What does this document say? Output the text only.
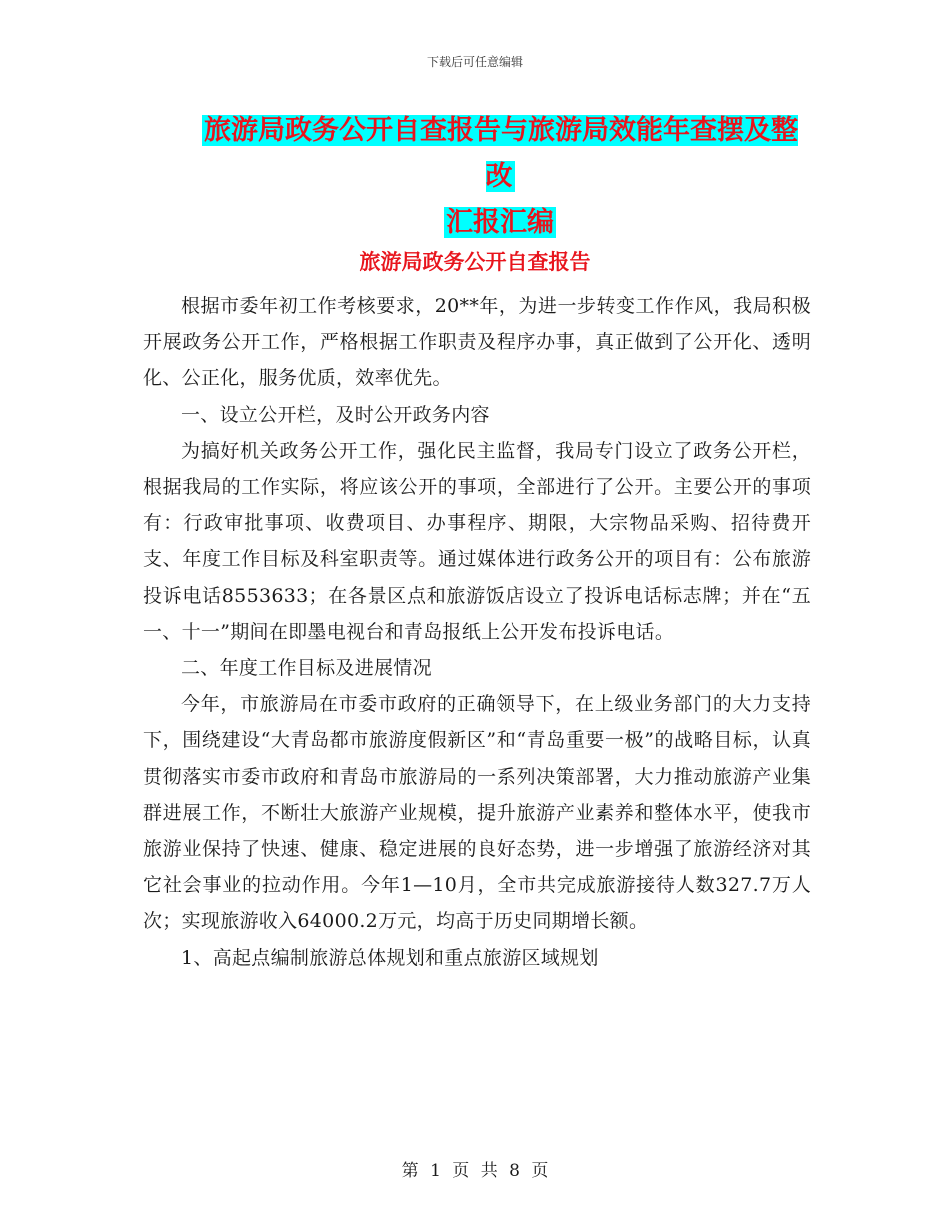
下载后可任意编辑
旅游局政务公开自查报告与旅游局效能年查摆及整改
汇报汇编
旅游局政务公开自查报告

根据市委年初工作考核要求，20**年，为进一步转变工作作风，我局积极开展政务公开工作，严格根据工作职责及程序办事，真正做到了公开化、透明化、公正化，服务优质，效率优先。

一、设立公开栏，及时公开政务内容

为搞好机关政务公开工作，强化民主监督，我局专门设立了政务公开栏，根据我局的工作实际，将应该公开的事项，全部进行了公开。主要公开的事项有：行政审批事项、收费项目、办事程序、期限，大宗物品采购、招待费开支、年度工作目标及科室职责等。通过媒体进行政务公开的项目有：公布旅游投诉电话8553633；在各景区点和旅游饭店设立了投诉电话标志牌；并在“五一、十一”期间在即墨电视台和青岛报纸上公开发布投诉电话。

二、年度工作目标及进展情况

今年，市旅游局在市委市政府的正确领导下，在上级业务部门的大力支持下，围绕建设“大青岛都市旅游度假新区”和“青岛重要一极”的战略目标，认真贯彻落实市委市政府和青岛市旅游局的一系列决策部署，大力推动旅游产业集群进展工作，不断壮大旅游产业规模，提升旅游产业素养和整体水平，使我市旅游业保持了快速、健康、稳定进展的良好态势，进一步增强了旅游经济对其它社会事业的拉动作用。今年1—10月，全市共完成旅游接待人数327.7万人次；实现旅游收入64000.2万元，均高于历史同期增长额。

1、高起点编制旅游总体规划和重点旅游区域规划

第 1 页 共 8 页
